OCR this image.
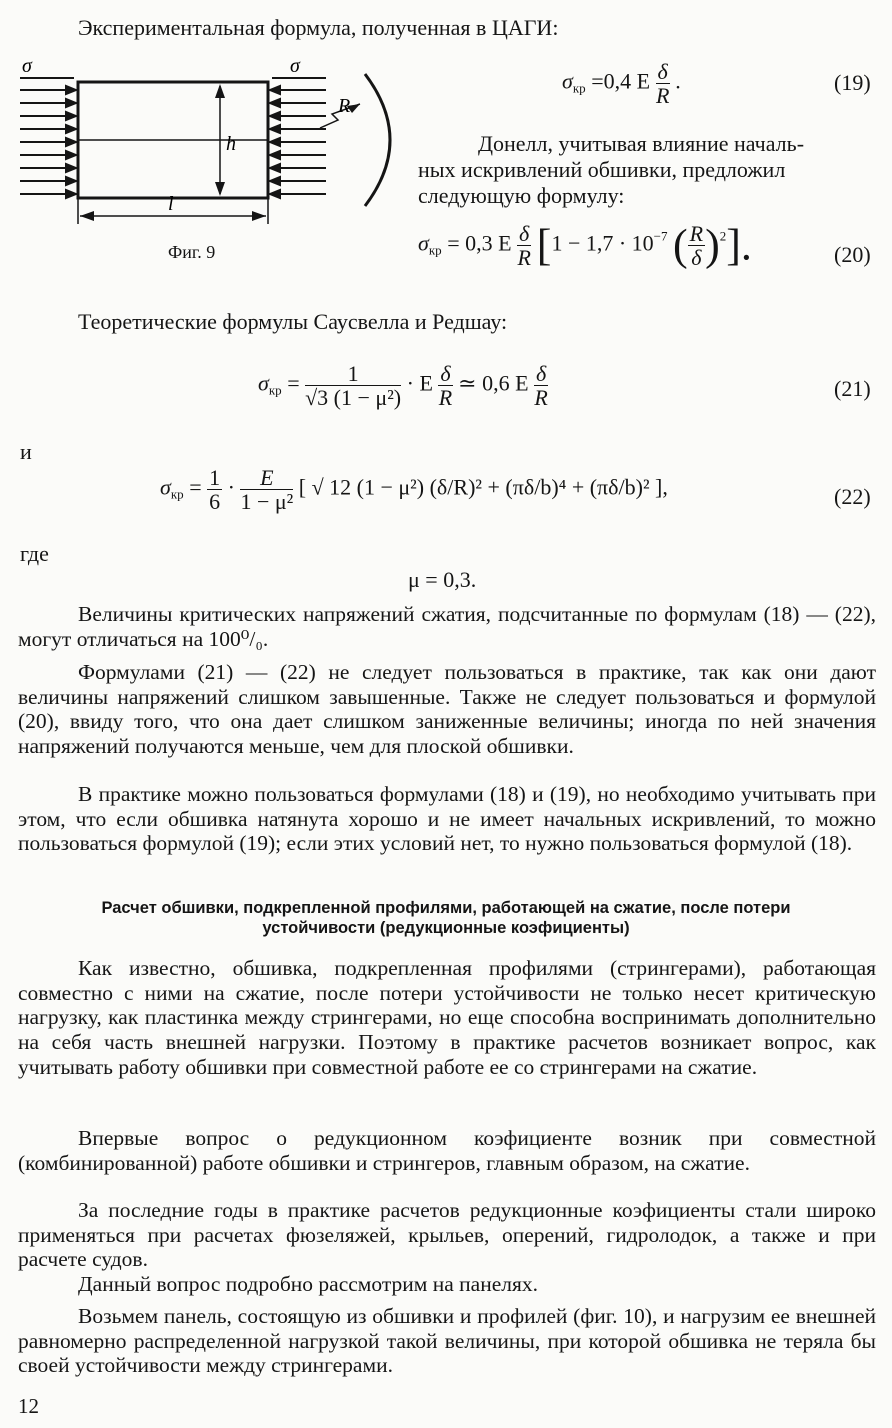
Экспериментальная формула, полученная в ЦАГИ:
σ	σ
h
l
R
Фиг. 9
$\sigma_{кр} =0,4$ E $\frac{\delta}{R}$ .	(19)
Донелл, учитывая влияние началь-
ных искривлений обшивки, предложил
следующую формулу:
$\sigma_{кр} = 0,3$ E $\frac{\delta}{R} [1 - 1,7 \cdot 10^{-7}$ ( $\frac{R}{\delta} )^2$].	(20)
Теоретические формулы Саусвелла и Редшау:
$\sigma_{кр} = \frac{1}{\text{√3 (1 − μ²)}} \cdot E \frac{\delta}{R}$ ≃ 0,6 E $\frac{\delta}{R}$	(21)
и
$\sigma_{кр} = \frac{1}{6} \cdot \frac{E}{\text{1 − μ²}}$ [ √ 12 (1 − μ²) (δ/R)² + (πδ/b)⁴ + (πδ/b)² ],	(22)
где
μ = 0,3.
Величины критических напряжений сжатия, подсчитанные по формулам (18) — (22), могут отличаться на 100⁰/₀.
Формулами (21) — (22) не следует пользоваться в практике, так как они дают величины напряжений слишком завышенные. Также не следует пользоваться и формулой (20), ввиду того, что она дает слишком заниженные величины; иногда по ней значения напряжений получаются меньше, чем для плоской обшивки.
В практике можно пользоваться формулами (18) и (19), но необходимо учитывать при этом, что если обшивка натянута хорошо и не имеет начальных искривлений, то можно пользоваться формулой (19); если этих условий нет, то нужно пользоваться формулой (18).
Расчет обшивки, подкрепленной профилями, работающей на сжатие, после потери
устойчивости (редукционные коэфициенты)
Как известно, обшивка, подкрепленная профилями (стрингерами), работающая совместно с ними на сжатие, после потери устойчивости не только несет критическую нагрузку, как пластинка между стрингерами, но еще способна воспринимать дополнительно на себя часть внешней нагрузки. Поэтому в практике расчетов возникает вопрос, как учитывать работу обшивки при совместной работе ее со стрингерами на сжатие.
Впервые вопрос о редукционном коэфициенте возник при совместной (комбинированной) работе обшивки и стрингеров, главным образом, на сжатие.
За последние годы в практике расчетов редукционные коэфициенты стали широко применяться при расчетах фюзеляжей, крыльев, оперений, гидролодок, а также и при расчете судов.
Данный вопрос подробно рассмотрим на панелях.
Возьмем панель, состоящую из обшивки и профилей (фиг. 10), и нагрузим ее внешней равномерно распределенной нагрузкой такой величины, при которой обшивка не теряла бы своей устойчивости между стрингерами.
12
